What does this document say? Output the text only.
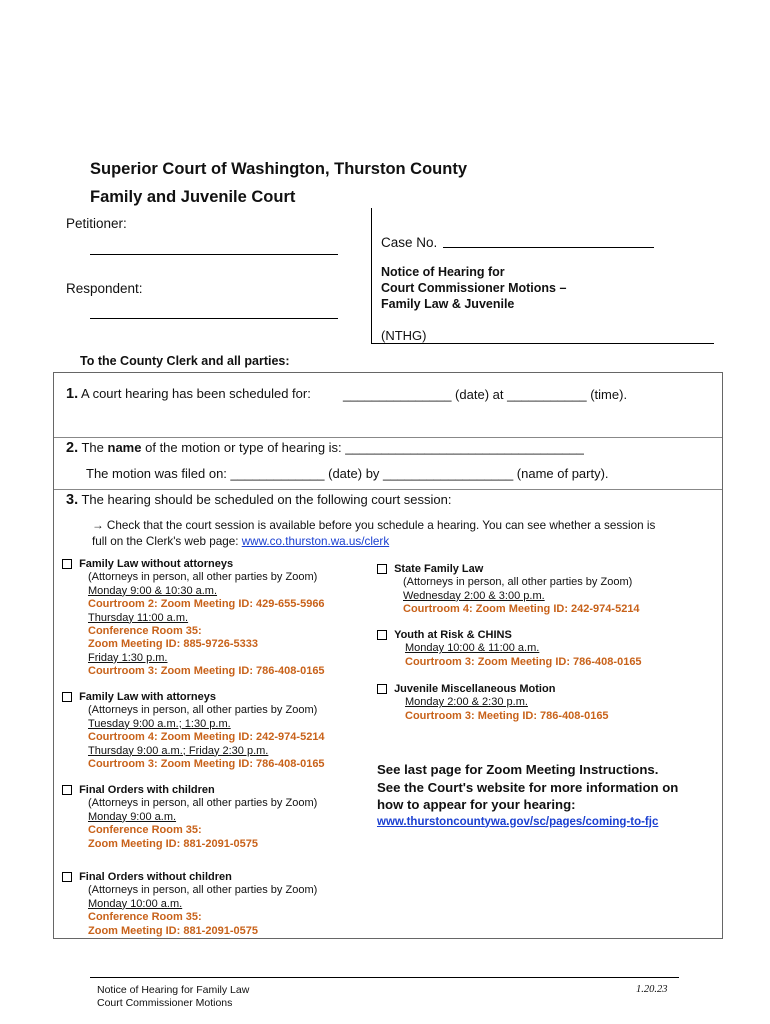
Superior Court of Washington, Thurston County
Family and Juvenile Court
Petitioner:
Respondent:
Case No.
Notice of Hearing for
Court Commissioner Motions –
Family Law & Juvenile
(NTHG)
To the County Clerk and all parties:
1. A court hearing has been scheduled for: _______________ (date) at ___________ (time).
2. The name of the motion or type of hearing is: _________________________________
The motion was filed on: _____________ (date) by __________________ (name of party).
3. The hearing should be scheduled on the following court session:
→ Check that the court session is available before you schedule a hearing. You can see whether a session is
full on the Clerk's web page: www.co.thurston.wa.us/clerk
Family Law without attorneys
(Attorneys in person, all other parties by Zoom)
Monday 9:00 & 10:30 a.m.
Courtroom 2: Zoom Meeting ID: 429-655-5966
Thursday 11:00 a.m.
Conference Room 35:
Zoom Meeting ID: 885-9726-5333
Friday 1:30 p.m.
Courtroom 3: Zoom Meeting ID: 786-408-0165
Family Law with attorneys
(Attorneys in person, all other parties by Zoom)
Tuesday 9:00 a.m.; 1:30 p.m.
Courtroom 4: Zoom Meeting ID: 242-974-5214
Thursday 9:00 a.m.; Friday 2:30 p.m.
Courtroom 3: Zoom Meeting ID: 786-408-0165
Final Orders with children
(Attorneys in person, all other parties by Zoom)
Monday 9:00 a.m.
Conference Room 35:
Zoom Meeting ID: 881-2091-0575
Final Orders without children
(Attorneys in person, all other parties by Zoom)
Monday 10:00 a.m.
Conference Room 35:
Zoom Meeting ID: 881-2091-0575
State Family Law
(Attorneys in person, all other parties by Zoom)
Wednesday 2:00 & 3:00 p.m.
Courtroom 4: Zoom Meeting ID: 242-974-5214
Youth at Risk & CHINS
Monday 10:00 & 11:00 a.m.
Courtroom 3: Zoom Meeting ID: 786-408-0165
Juvenile Miscellaneous Motion
Monday 2:00 & 2:30 p.m.
Courtroom 3: Meeting ID: 786-408-0165
See last page for Zoom Meeting Instructions.
See the Court's website for more information on
how to appear for your hearing:
www.thurstoncountywa.gov/sc/pages/coming-to-fjc
Notice of Hearing for Family Law
Court Commissioner Motions
1.20.23
